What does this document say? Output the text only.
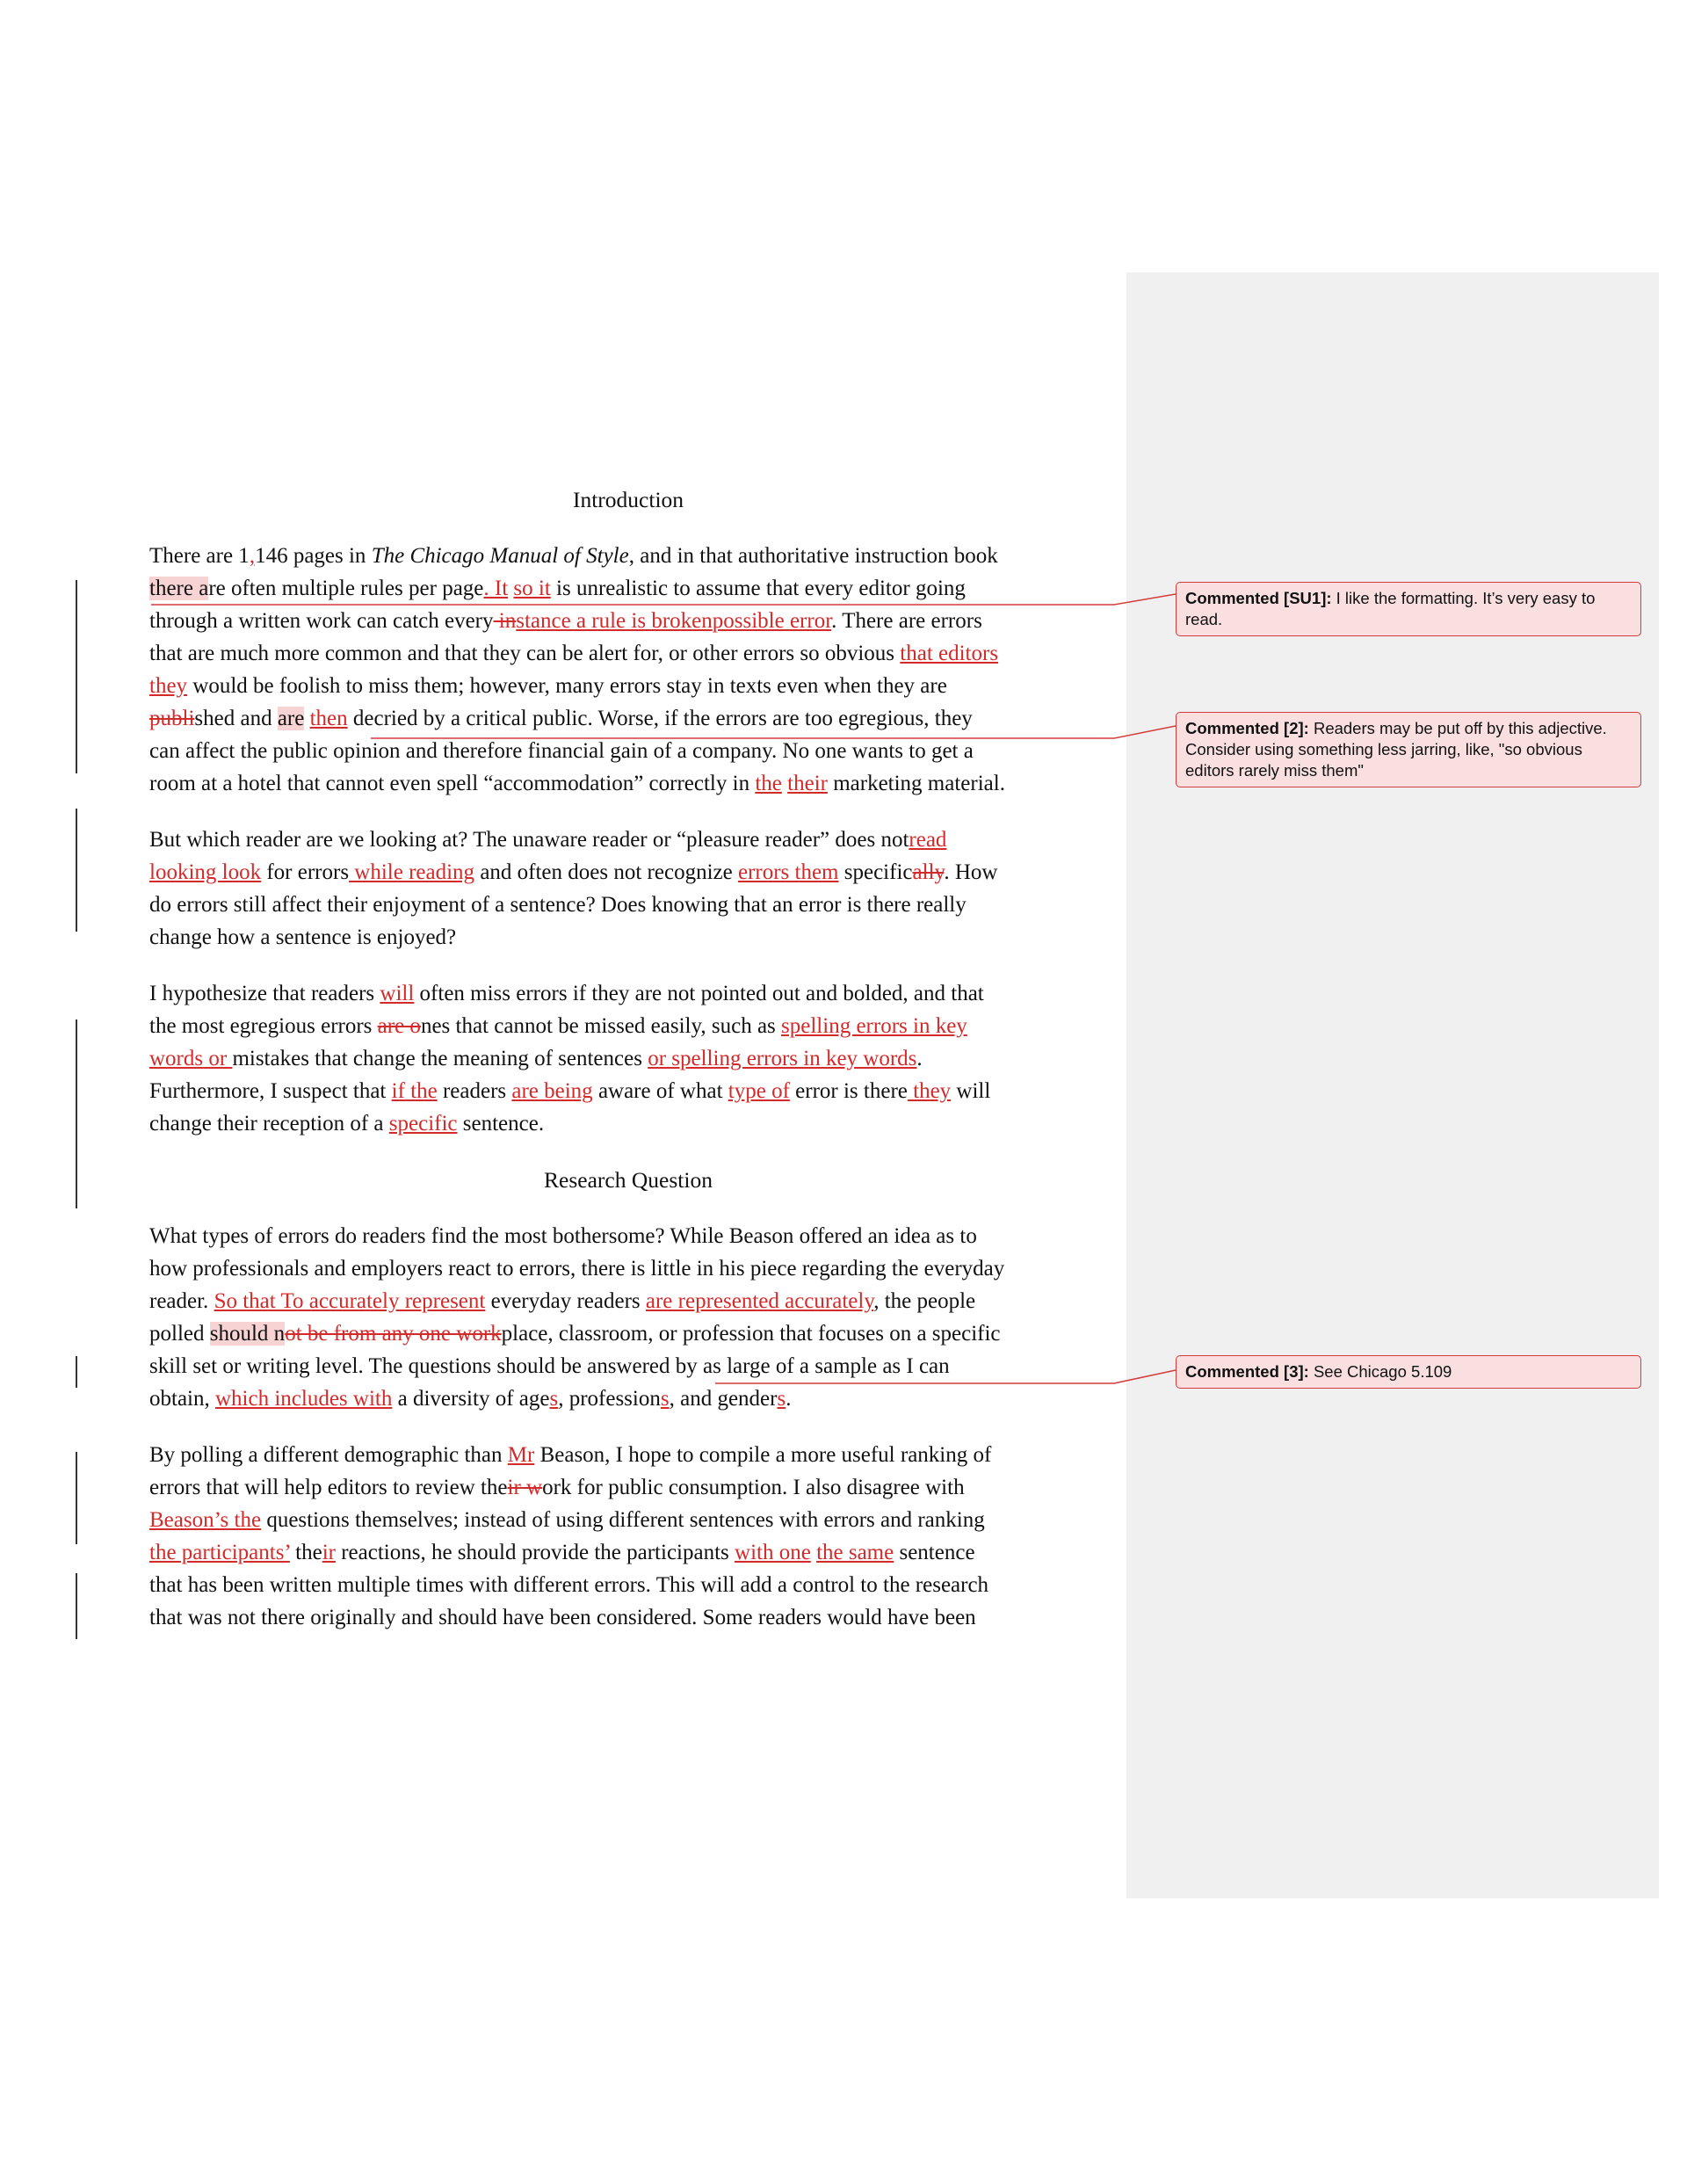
Introduction
There are 1,146 pages in The Chicago Manual of Style, and in that authoritative instruction book
there are often multiple rules per page. It so it is unrealistic to assume that every editor going
through a written work can catch every instance a rule is brokenpossible error. There are errors
that are much more common and that they can be alert for, or other errors so obvious that editors
they would be foolish to miss them; however, many errors stay in texts even when they are
published and are then decried by a critical public. Worse, if the errors are too egregious, they
can affect the public opinion and therefore financial gain of a company. No one wants to get a
room at a hotel that cannot even spell “accommodation” correctly in the their marketing material.
But which reader are we looking at? The unaware reader or “pleasure reader” does notread
looking look for errors while reading and often does not recognize errors them specifically. How
do errors still affect their enjoyment of a sentence? Does knowing that an error is there really
change how a sentence is enjoyed?
I hypothesize that readers will often miss errors if they are not pointed out and bolded, and that
the most egregious errors are ones that cannot be missed easily, such as spelling errors in key
words or mistakes that change the meaning of sentences or spelling errors in key words.
Furthermore, I suspect that if the readers are being aware of what type of error is there they will
change their reception of a specific sentence.
Research Question
What types of errors do readers find the most bothersome? While Beason offered an idea as to
how professionals and employers react to errors, there is little in his piece regarding the everyday
reader. So that To accurately represent everyday readers are represented accurately, the people
polled should not be from any one workplace, classroom, or profession that focuses on a specific
skill set or writing level. The questions should be answered by as large of a sample as I can
obtain, which includes with a diversity of ages, professions, and genders.
By polling a different demographic than Mr Beason, I hope to compile a more useful ranking of
errors that will help editors to review their work for public consumption. I also disagree with
Beason’s the questions themselves; instead of using different sentences with errors and ranking
the participants’ their reactions, he should provide the participants with one the same sentence
that has been written multiple times with different errors. This will add a control to the research
that was not there originally and should have been considered. Some readers would have been
Commented [SU1]: I like the formatting. It’s very easy to read.
Commented [2]: Readers may be put off by this adjective. Consider using something less jarring, like, "so obvious editors rarely miss them"
Commented [3]: See Chicago 5.109
